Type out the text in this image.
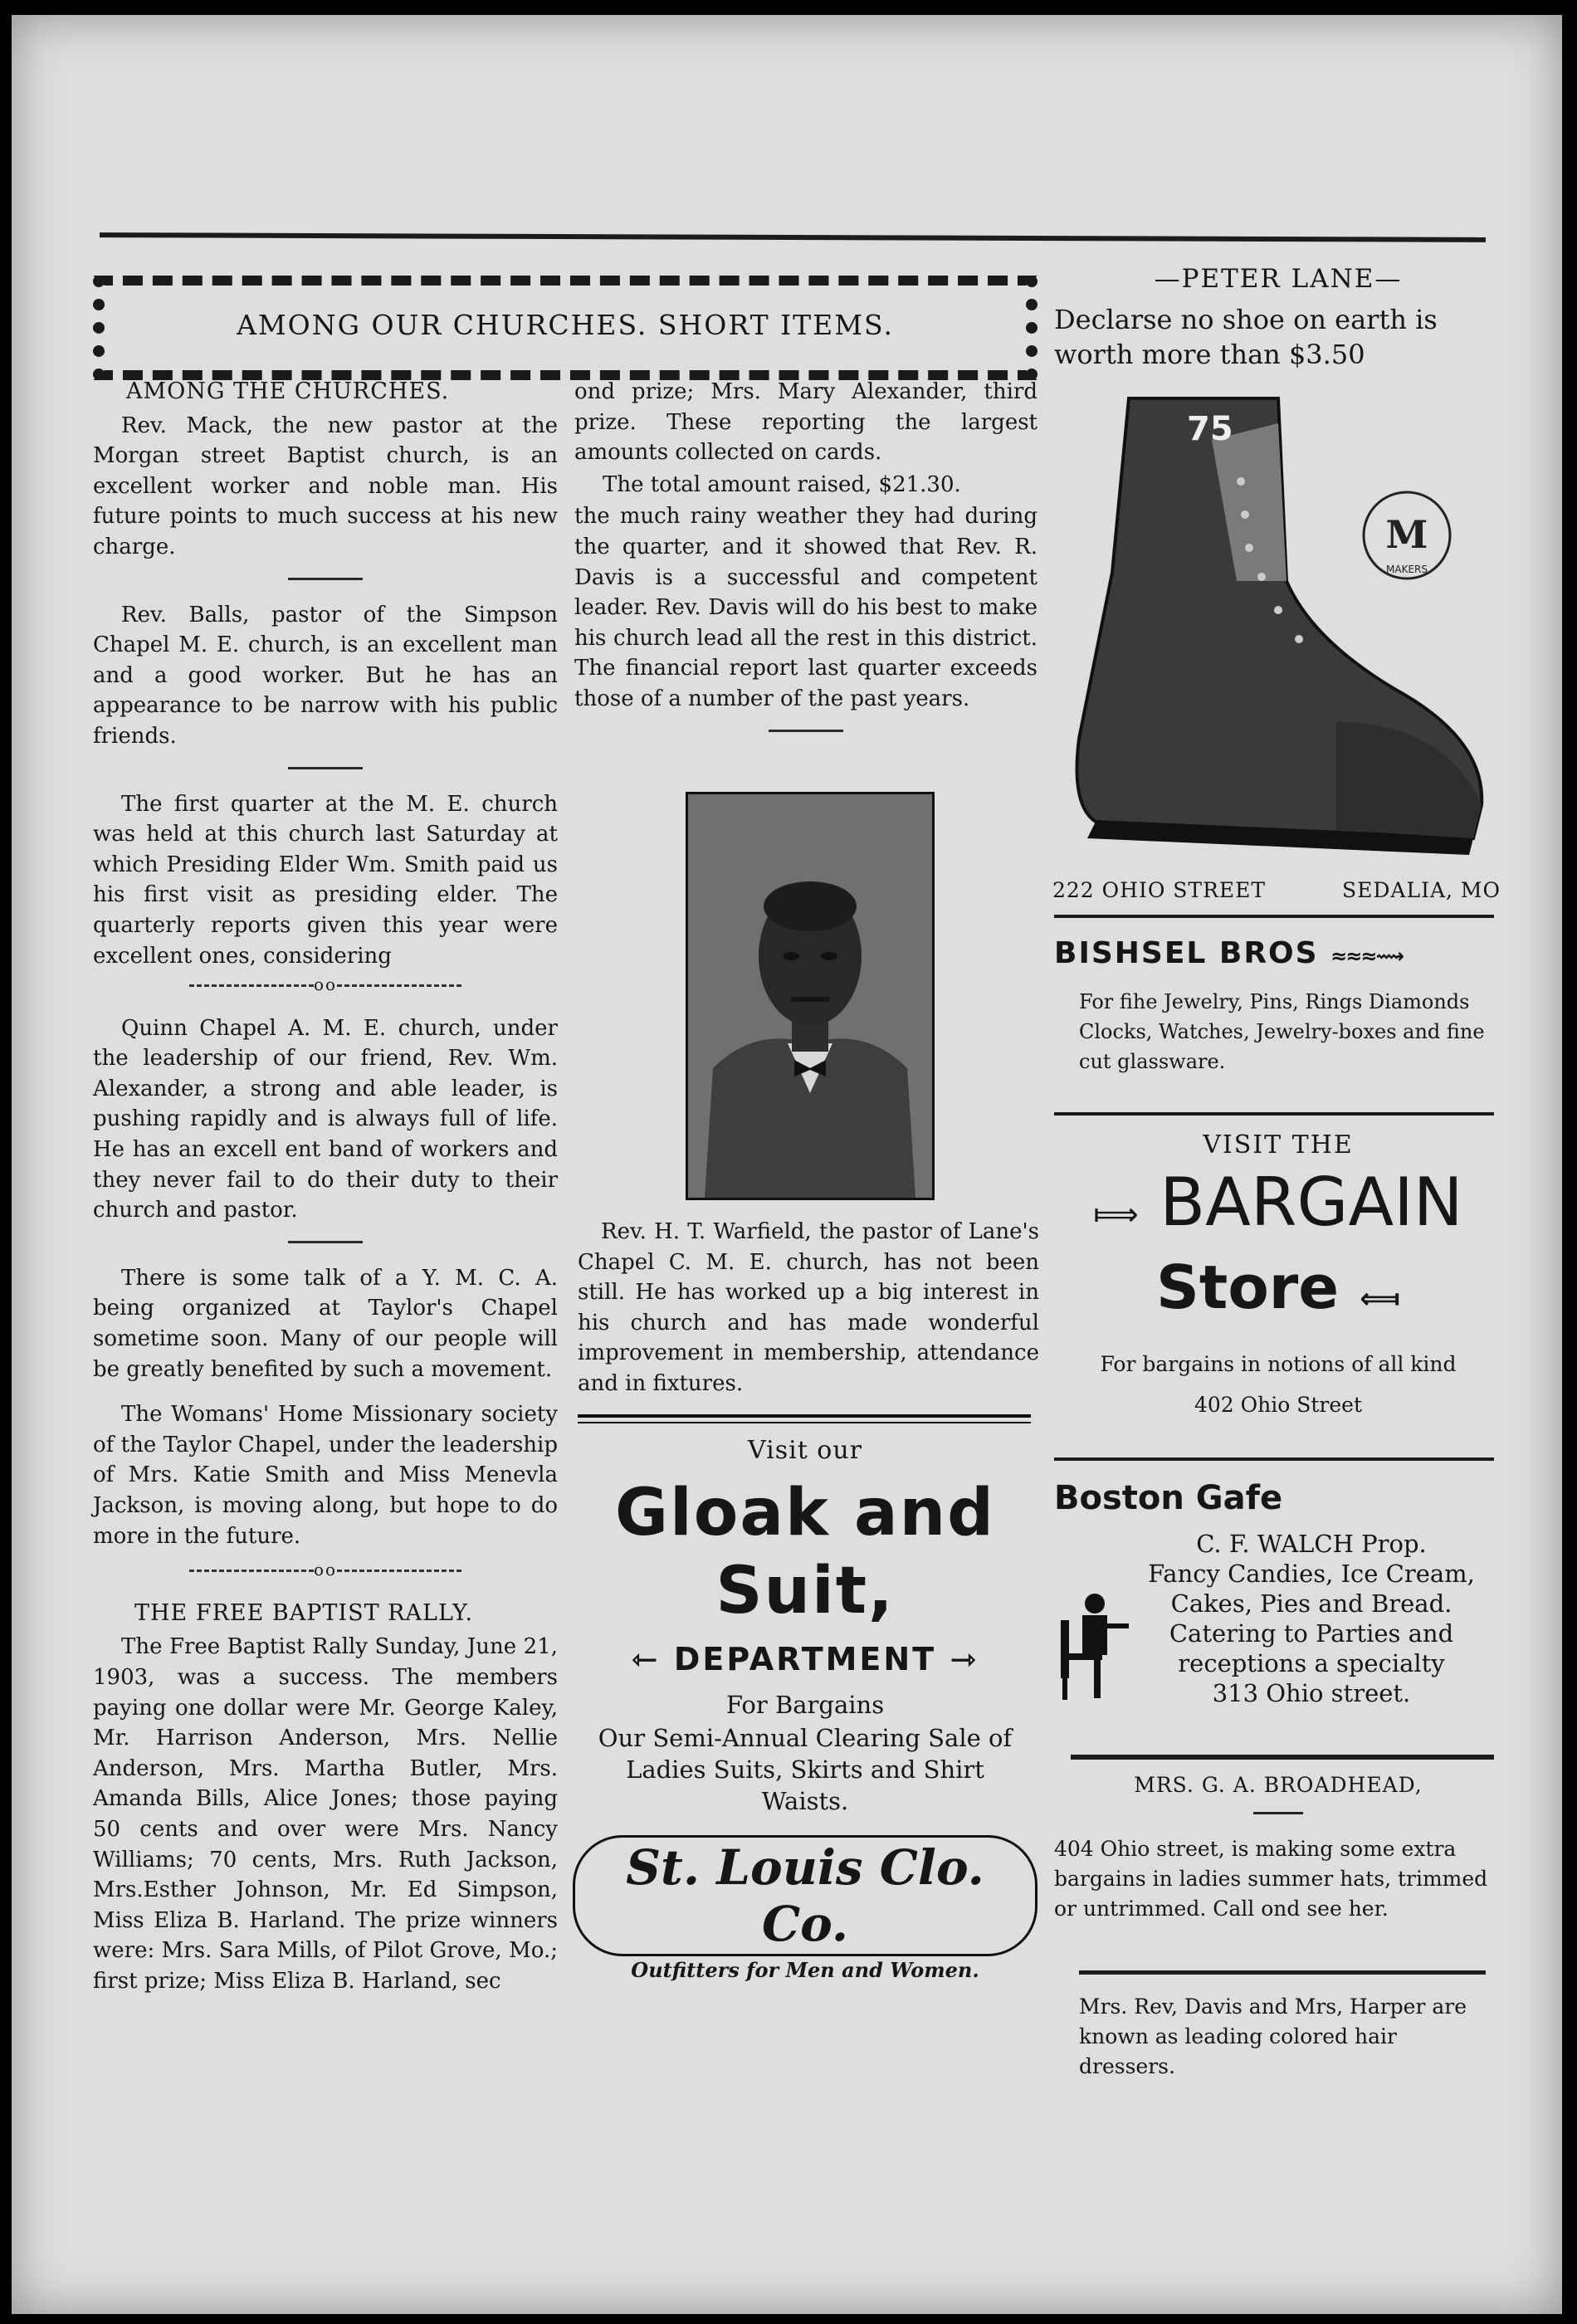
AMONG OUR CHURCHES. SHORT ITEMS.
AMONG THE CHURCHES.

Rev. Mack, the new pastor at the Morgan street Baptist church, is an excellent worker and noble man. His future points to much success at his new charge.

Rev. Balls, pastor of the Simpson Chapel M. E. church, is an excellent man and a good worker. But he has an appearance to be narrow with his public friends.

The first quarter at the M. E. church was held at this church last Saturday at which Presiding Elder Wm. Smith paid us his first visit as presiding elder. The quarterly reports given this year were excellent ones, considering

oo

Quinn Chapel A. M. E. church, under the leadership of our friend, Rev. Wm. Alexander, a strong and able leader, is pushing rapidly and is always full of life. He has an excell ent band of workers and they never fail to do their duty to their church and pastor.

There is some talk of a Y. M. C. A. being organized at Taylor's Chapel sometime soon. Many of our people will be greatly benefited by such a movement.

The Womans' Home Missionary society of the Taylor Chapel, under the leadership of Mrs. Katie Smith and Miss Menevla Jackson, is moving along, but hope to do more in the future.

oo
THE FREE BAPTIST RALLY.

The Free Baptist Rally Sunday, June 21, 1903, was a success. The members paying one dollar were Mr. George Kaley, Mr. Harrison Anderson, Mrs. Nellie Anderson, Mrs. Martha Butler, Mrs. Amanda Bills, Alice Jones; those paying 50 cents and over were Mrs. Nancy Williams; 70 cents, Mrs. Ruth Jackson, Mrs.Esther Johnson, Mr. Ed Simpson, Miss Eliza B. Harland. The prize winners were: Mrs. Sara Mills, of Pilot Grove, Mo.; first prize; Miss Eliza B. Harland, sec

ond prize; Mrs. Mary Alexander, third prize. These reporting the largest amounts collected on cards.

The total amount raised, $21.30.

the much rainy weather they had during the quarter, and it showed that Rev. R. Davis is a successful and competent leader. Rev. Davis will do his best to make his church lead all the rest in this district. The financial report last quarter exceeds those of a number of the past years.

Rev. H. T. Warfield, the pastor of Lane's Chapel C. M. E. church, has not been still. He has worked up a big interest in his church and has made wonderful improvement in membership, attendance and in fixtures.
Visit our
Gloak and
Suit,
⇽ DEPARTMENT ⇾
For Bargains
Our Semi-Annual Clearing Sale of Ladies Suits, Skirts and Shirt Waists.
St. Louis Clo. Co.
Outfitters for Men and Women.
—PETER LANE—
Declarse no shoe on earth is worth more than $3.50
75
M
MAKERS
222 OHIO STREET	SEDALIA, MO
BISHSEL BROS ≈≈≈⟿
For fihe Jewelry, Pins, Rings Diamonds Clocks, Watches, Jewelry-boxes and fine cut glassware.
VISIT THE
⟾ BARGAIN
Store ⟽
For bargains in notions of all kind
402 Ohio Street
Boston Gafe
C. F. WALCH Prop.
Fancy Candies, Ice Cream,
Cakes, Pies and Bread.
Catering to Parties and receptions a specialty
313 Ohio street.
MRS. G. A. BROADHEAD,
404 Ohio street, is making some extra bargains in ladies summer hats, trimmed or untrimmed. Call ond see her.
Mrs. Rev, Davis and Mrs, Harper are known as leading colored hair dressers.
